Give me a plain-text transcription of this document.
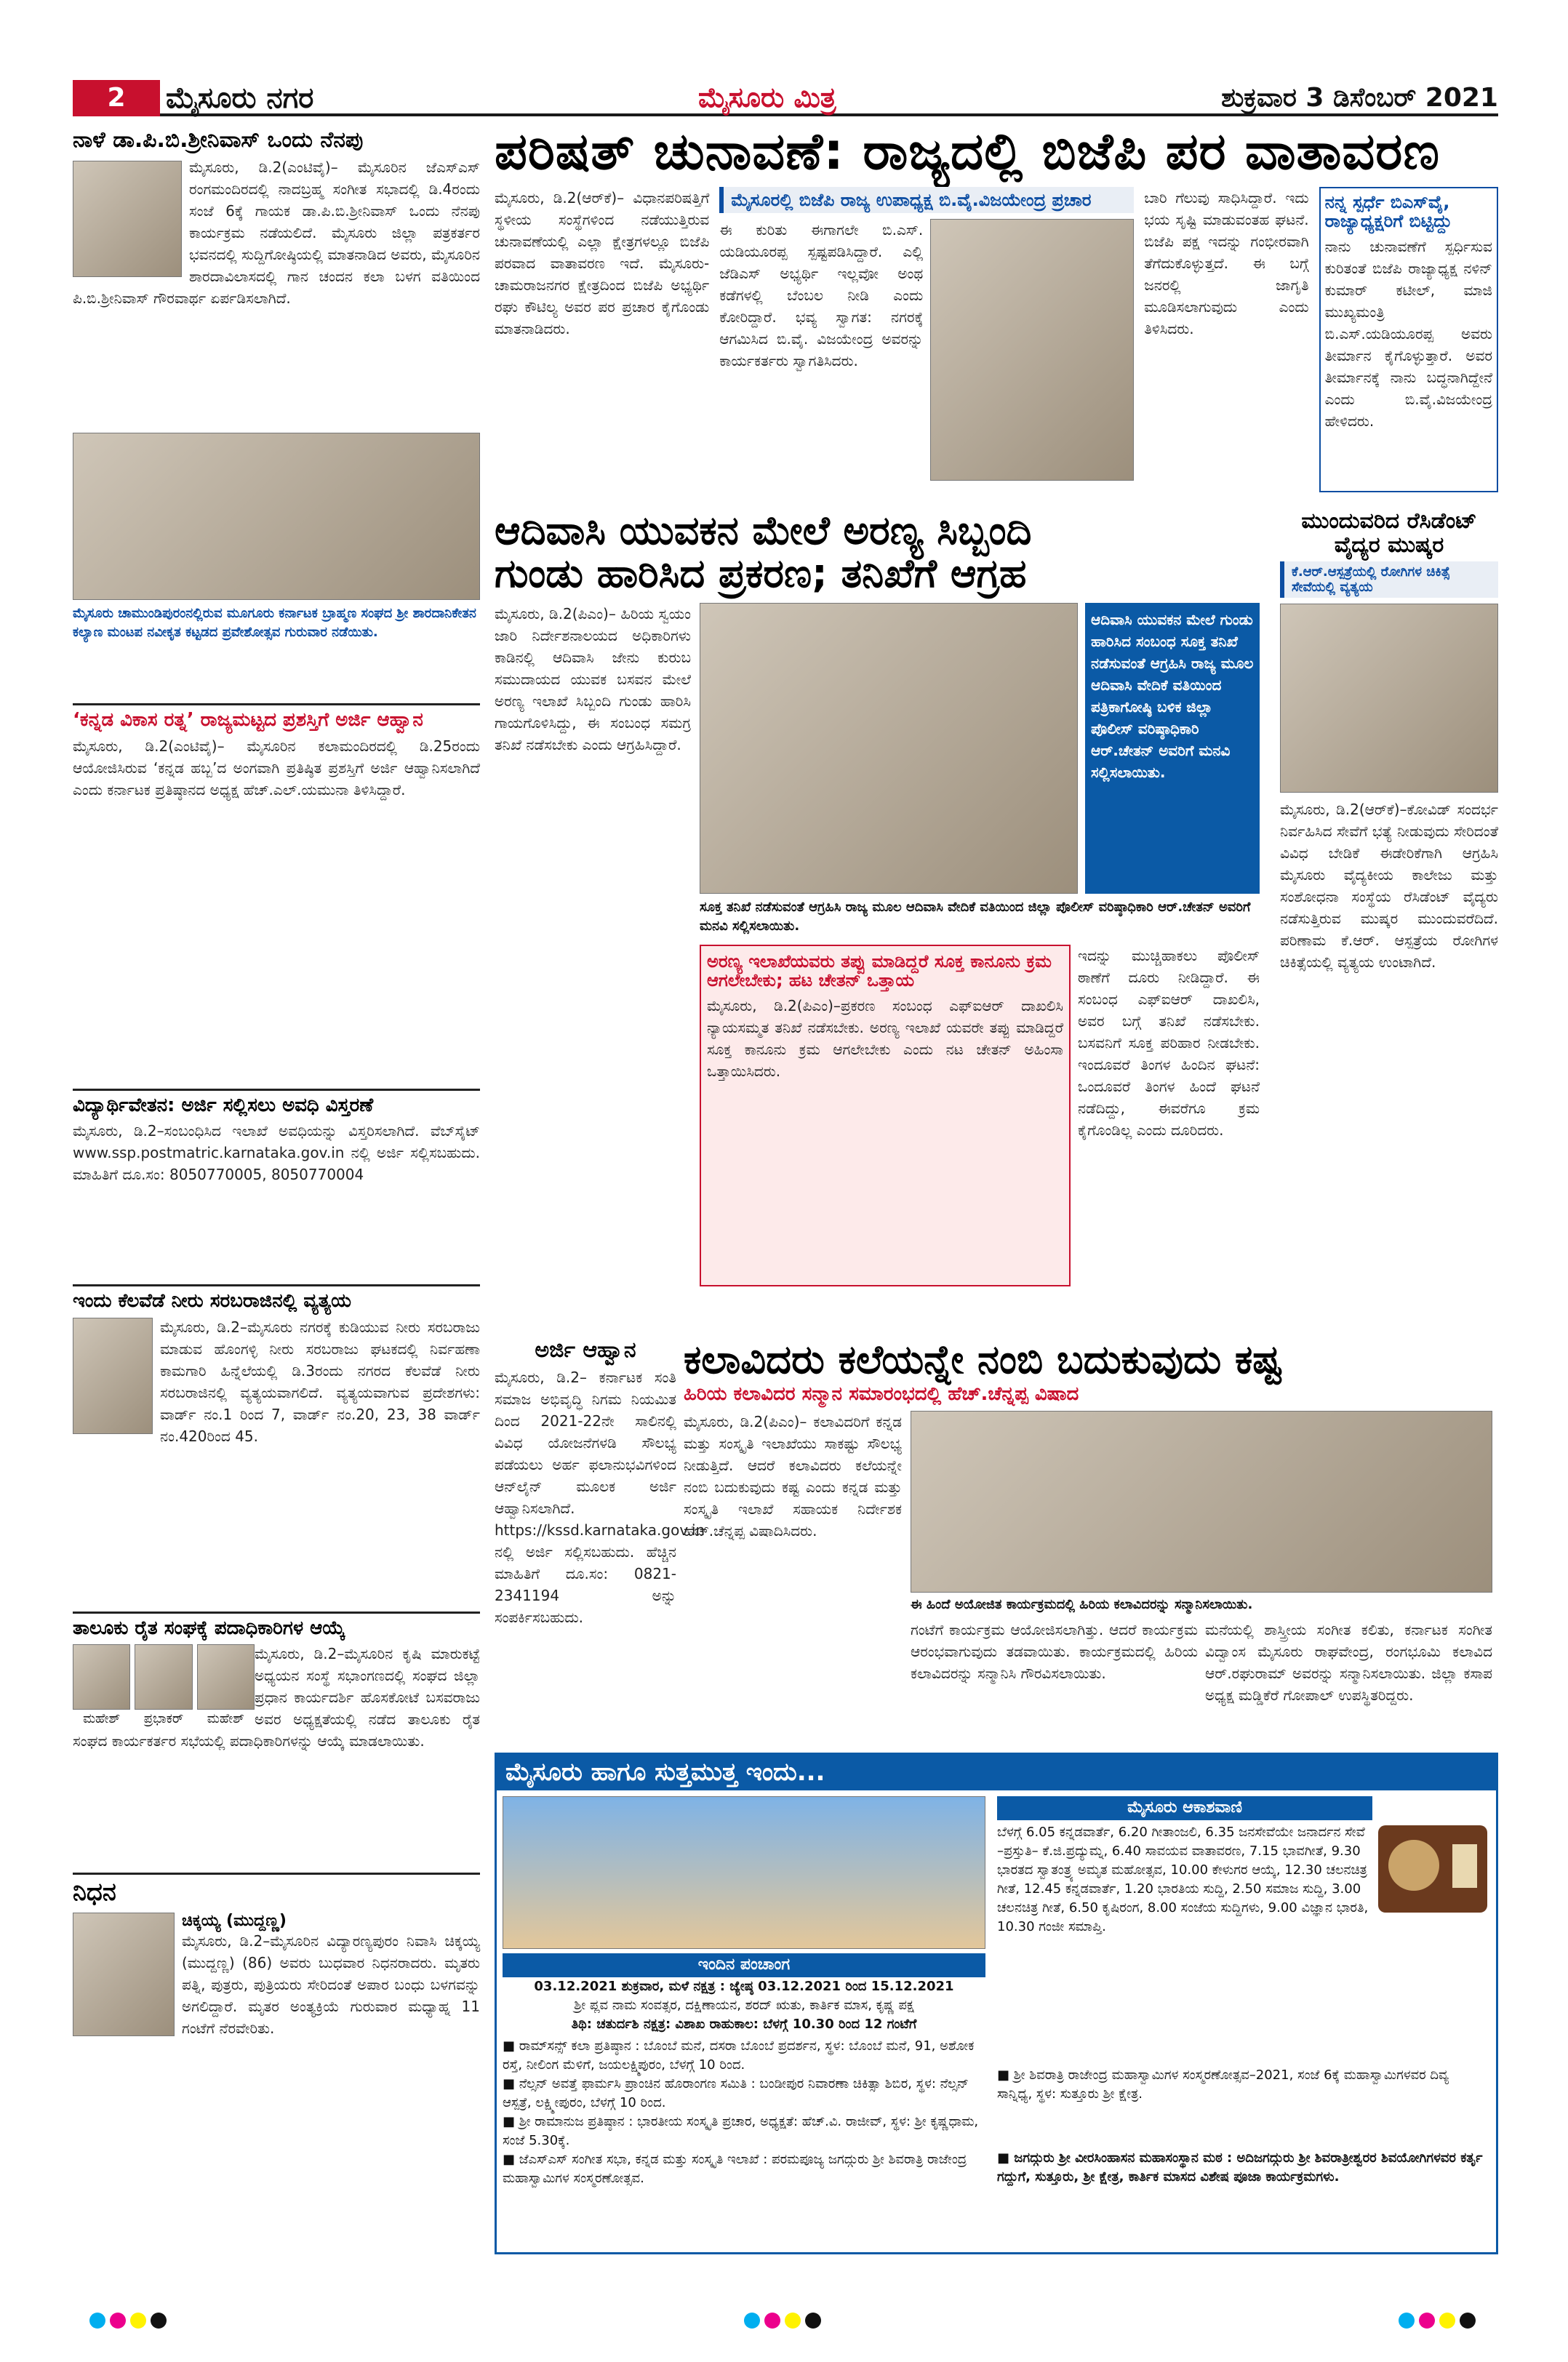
2	ಮೈಸೂರು ನಗರ	ಮೈಸೂರು ಮಿತ್ರ	ಶುಕ್ರವಾರ 3 ಡಿಸೆಂಬರ್ 2021
ನಾಳೆ ಡಾ.ಪಿ.ಬಿ.ಶ್ರೀನಿವಾಸ್ ಒಂದು ನೆನಪು
ಮೈಸೂರು, ಡಿ.2(ಎಂಟಿವೈ)– ಮೈಸೂರಿನ ಜೆಎಸ್‌ಎಸ್ ರಂಗಮಂದಿರದಲ್ಲಿ ನಾದಬ್ರಹ್ಮ ಸಂಗೀತ ಸಭಾದಲ್ಲಿ ಡಿ.4ರಂದು ಸಂಜೆ 6ಕ್ಕೆ ಗಾಯಕ ಡಾ.ಪಿ.ಬಿ.ಶ್ರೀನಿವಾಸ್ ಒಂದು ನೆನಪು ಕಾರ್ಯಕ್ರಮ ನಡೆಯಲಿದೆ. ಮೈಸೂರು ಜಿಲ್ಲಾ ಪತ್ರಕರ್ತರ ಭವನದಲ್ಲಿ ಸುದ್ದಿಗೋಷ್ಠಿಯಲ್ಲಿ ಮಾತನಾಡಿದ ಅವರು, ಮೈಸೂರಿನ ಶಾರದಾವಿಲಾಸದಲ್ಲಿ ಗಾನ ಚಂದನ ಕಲಾ ಬಳಗ ವತಿಯಿಂದ ಪಿ.ಬಿ.ಶ್ರೀನಿವಾಸ್ ಗೌರವಾರ್ಥ ಏರ್ಪಡಿಸಲಾಗಿದೆ.
ಮೈಸೂರು ಚಾಮುಂಡಿಪುರಂನಲ್ಲಿರುವ ಮೂಗೂರು ಕರ್ನಾಟಕ ಬ್ರಾಹ್ಮಣ ಸಂಘದ ಶ್ರೀ ಶಾರದಾನಿಕೇತನ ಕಲ್ಯಾಣ ಮಂಟಪ ನವೀಕೃತ ಕಟ್ಟಡದ ಪ್ರವೇಶೋತ್ಸವ ಗುರುವಾರ ನಡೆಯಿತು.
‘ಕನ್ನಡ ವಿಕಾಸ ರತ್ನ’ ರಾಜ್ಯಮಟ್ಟದ ಪ್ರಶಸ್ತಿಗೆ ಅರ್ಜಿ ಆಹ್ವಾನ
ಮೈಸೂರು, ಡಿ.2(ಎಂಟಿವೈ)– ಮೈಸೂರಿನ ಕಲಾಮಂದಿರದಲ್ಲಿ ಡಿ.25ರಂದು ಆಯೋಜಿಸಿರುವ ‘ಕನ್ನಡ ಹಬ್ಬ’ದ ಅಂಗವಾಗಿ ಪ್ರತಿಷ್ಠಿತ ಪ್ರಶಸ್ತಿಗೆ ಅರ್ಜಿ ಆಹ್ವಾನಿಸಲಾಗಿದೆ ಎಂದು ಕರ್ನಾಟಕ ಪ್ರತಿಷ್ಠಾನದ ಅಧ್ಯಕ್ಷ ಹೆಚ್.ಎಲ್.ಯಮುನಾ ತಿಳಿಸಿದ್ದಾರೆ.
ವಿದ್ಯಾರ್ಥಿವೇತನ: ಅರ್ಜಿ ಸಲ್ಲಿಸಲು ಅವಧಿ ವಿಸ್ತರಣೆ
ಮೈಸೂರು, ಡಿ.2–ಸಂಬಂಧಿಸಿದ ಇಲಾಖೆ ಅವಧಿಯನ್ನು ವಿಸ್ತರಿಸಲಾಗಿದೆ. ವೆಬ್‌ಸೈಟ್ www.ssp.postmatric.karnataka.gov.in ನಲ್ಲಿ ಅರ್ಜಿ ಸಲ್ಲಿಸಬಹುದು. ಮಾಹಿತಿಗೆ ದೂ.ಸಂ: 8050770005, 8050770004
ಇಂದು ಕೆಲವೆಡೆ ನೀರು ಸರಬರಾಜಿನಲ್ಲಿ ವ್ಯತ್ಯಯ
ಮೈಸೂರು, ಡಿ.2–ಮೈಸೂರು ನಗರಕ್ಕೆ ಕುಡಿಯುವ ನೀರು ಸರಬರಾಜು ಮಾಡುವ ಹೊಂಗಳ್ಳಿ ನೀರು ಸರಬರಾಜು ಘಟಕದಲ್ಲಿ ನಿರ್ವಹಣಾ ಕಾಮಗಾರಿ ಹಿನ್ನೆಲೆಯಲ್ಲಿ ಡಿ.3ರಂದು ನಗರದ ಕೆಲವೆಡೆ ನೀರು ಸರಬರಾಜಿನಲ್ಲಿ ವ್ಯತ್ಯಯವಾಗಲಿದೆ. ವ್ಯತ್ಯಯವಾಗುವ ಪ್ರದೇಶಗಳು: ವಾರ್ಡ್ ನಂ.1 ರಿಂದ 7, ವಾರ್ಡ್ ನಂ.20, 23, 38 ವಾರ್ಡ್ ನಂ.420ರಿಂದ 45.
ತಾಲೂಕು ರೈತ ಸಂಘಕ್ಕೆ ಪದಾಧಿಕಾರಿಗಳ ಆಯ್ಕೆ
ಮಹೇಶ್	ಪ್ರಭಾಕರ್	ಮಹೇಶ್
ಮೈಸೂರು, ಡಿ.2–ಮೈಸೂರಿನ ಕೃಷಿ ಮಾರುಕಟ್ಟೆ ಅಧ್ಯಯನ ಸಂಸ್ಥೆ ಸಭಾಂಗಣದಲ್ಲಿ ಸಂಘದ ಜಿಲ್ಲಾ ಪ್ರಧಾನ ಕಾರ್ಯದರ್ಶಿ ಹೊಸಕೋಟೆ ಬಸವರಾಜು ಅವರ ಅಧ್ಯಕ್ಷತೆಯಲ್ಲಿ ನಡೆದ ತಾಲೂಕು ರೈತ ಸಂಘದ ಕಾರ್ಯಕರ್ತರ ಸಭೆಯಲ್ಲಿ ಪದಾಧಿಕಾರಿಗಳನ್ನು ಆಯ್ಕೆ ಮಾಡಲಾಯಿತು.
ನಿಧನ
ಚಿಕ್ಕಯ್ಯ (ಮುದ್ದಣ್ಣ)
ಮೈಸೂರು, ಡಿ.2–ಮೈಸೂರಿನ ವಿದ್ಯಾರಣ್ಯಪುರಂ ನಿವಾಸಿ ಚಿಕ್ಕಯ್ಯ (ಮುದ್ದಣ್ಣ) (86) ಅವರು ಬುಧವಾರ ನಿಧನರಾದರು. ಮೃತರು ಪತ್ನಿ, ಪುತ್ರರು, ಪುತ್ರಿಯರು ಸೇರಿದಂತೆ ಅಪಾರ ಬಂಧು ಬಳಗವನ್ನು ಅಗಲಿದ್ದಾರೆ. ಮೃತರ ಅಂತ್ಯಕ್ರಿಯೆ ಗುರುವಾರ ಮಧ್ಯಾಹ್ನ 11 ಗಂಟೆಗೆ ನೆರವೇರಿತು.
ಪರಿಷತ್ ಚುನಾವಣೆ: ರಾಜ್ಯದಲ್ಲಿ ಬಿಜೆಪಿ ಪರ ವಾತಾವರಣ
ಮೈಸೂರು, ಡಿ.2(ಆರ್‌ಕೆ)– ವಿಧಾನಪರಿಷತ್ತಿಗೆ ಸ್ಥಳೀಯ ಸಂಸ್ಥೆಗಳಿಂದ ನಡೆಯುತ್ತಿರುವ ಚುನಾವಣೆಯಲ್ಲಿ ಎಲ್ಲಾ ಕ್ಷೇತ್ರಗಳಲ್ಲೂ ಬಿಜೆಪಿ ಪರವಾದ ವಾತಾವರಣ ಇದೆ. ಮೈಸೂರು-ಚಾಮರಾಜನಗರ ಕ್ಷೇತ್ರದಿಂದ ಬಿಜೆಪಿ ಅಭ್ಯರ್ಥಿ ರಘು ಕೌಟಿಲ್ಯ ಅವರ ಪರ ಪ್ರಚಾರ ಕೈಗೊಂಡು ಮಾತನಾಡಿದರು.
ಮೈಸೂರಲ್ಲಿ ಬಿಜೆಪಿ ರಾಜ್ಯ ಉಪಾಧ್ಯಕ್ಷ ಬಿ.ವೈ.ವಿಜಯೇಂದ್ರ ಪ್ರಚಾರ
ಈ ಕುರಿತು ಈಗಾಗಲೇ ಬಿ.ಎಸ್. ಯಡಿಯೂರಪ್ಪ ಸ್ಪಷ್ಟಪಡಿಸಿದ್ದಾರೆ. ಎಲ್ಲಿ ಜೆಡಿಎಸ್ ಅಭ್ಯರ್ಥಿ ಇಲ್ಲವೋ ಅಂಥ ಕಡೆಗಳಲ್ಲಿ ಬೆಂಬಲ ನೀಡಿ ಎಂದು ಕೋರಿದ್ದಾರೆ. ಭವ್ಯ ಸ್ವಾಗತ: ನಗರಕ್ಕೆ ಆಗಮಿಸಿದ ಬಿ.ವೈ. ವಿಜಯೇಂದ್ರ ಅವರನ್ನು ಕಾರ್ಯಕರ್ತರು ಸ್ವಾಗತಿಸಿದರು.
ಬಾರಿ ಗೆಲುವು ಸಾಧಿಸಿದ್ದಾರೆ. ಇದು ಭಯ ಸೃಷ್ಟಿ ಮಾಡುವಂತಹ ಘಟನೆ. ಬಿಜೆಪಿ ಪಕ್ಷ ಇದನ್ನು ಗಂಭೀರವಾಗಿ ತೆಗೆದುಕೊಳ್ಳುತ್ತದೆ. ಈ ಬಗ್ಗೆ ಜನರಲ್ಲಿ ಜಾಗೃತಿ ಮೂಡಿಸಲಾಗುವುದು ಎಂದು ತಿಳಿಸಿದರು.
ನನ್ನ ಸ್ಪರ್ಧೆ ಬಿಎಸ್‌ವೈ, ರಾಜ್ಯಾಧ್ಯಕ್ಷರಿಗೆ ಬಿಟ್ಟಿದ್ದು
ನಾನು ಚುನಾವಣೆಗೆ ಸ್ಪರ್ಧಿಸುವ ಕುರಿತಂತೆ ಬಿಜೆಪಿ ರಾಜ್ಯಾಧ್ಯಕ್ಷ ನಳಿನ್ ಕುಮಾರ್ ಕಟೀಲ್, ಮಾಜಿ ಮುಖ್ಯಮಂತ್ರಿ ಬಿ.ಎಸ್.ಯಡಿಯೂರಪ್ಪ ಅವರು ತೀರ್ಮಾನ ಕೈಗೊಳ್ಳುತ್ತಾರೆ. ಅವರ ತೀರ್ಮಾನಕ್ಕೆ ನಾನು ಬದ್ಧನಾಗಿದ್ದೇನೆ ಎಂದು ಬಿ.ವೈ.ವಿಜಯೇಂದ್ರ ಹೇಳಿದರು.
ಆದಿವಾಸಿ ಯುವಕನ ಮೇಲೆ ಅರಣ್ಯ ಸಿಬ್ಬಂದಿ
ಗುಂಡು ಹಾರಿಸಿದ ಪ್ರಕರಣ; ತನಿಖೆಗೆ ಆಗ್ರಹ
ಮೈಸೂರು, ಡಿ.2(ಪಿಎಂ)– ಹಿರಿಯ ಸ್ವಯಂ ಜಾರಿ ನಿರ್ದೇಶನಾಲಯದ ಅಧಿಕಾರಿಗಳು ಕಾಡಿನಲ್ಲಿ ಆದಿವಾಸಿ ಜೇನು ಕುರುಬ ಸಮುದಾಯದ ಯುವಕ ಬಸವನ ಮೇಲೆ ಅರಣ್ಯ ಇಲಾಖೆ ಸಿಬ್ಬಂದಿ ಗುಂಡು ಹಾರಿಸಿ ಗಾಯಗೊಳಿಸಿದ್ದು, ಈ ಸಂಬಂಧ ಸಮಗ್ರ ತನಿಖೆ ನಡೆಸಬೇಕು ಎಂದು ಆಗ್ರಹಿಸಿದ್ದಾರೆ.
ಆದಿವಾಸಿ ಯುವಕನ ಮೇಲೆ ಗುಂಡು ಹಾರಿಸಿದ ಸಂಬಂಧ ಸೂಕ್ತ ತನಿಖೆ ನಡೆಸುವಂತೆ ಆಗ್ರಹಿಸಿ ರಾಜ್ಯ ಮೂಲ ಆದಿವಾಸಿ ವೇದಿಕೆ ವತಿಯಿಂದ ಪತ್ರಿಕಾಗೋಷ್ಠಿ ಬಳಿಕ ಜಿಲ್ಲಾ ಪೊಲೀಸ್ ವರಿಷ್ಠಾಧಿಕಾರಿ ಆರ್.ಚೇತನ್ ಅವರಿಗೆ ಮನವಿ ಸಲ್ಲಿಸಲಾಯಿತು.
ಸೂಕ್ತ ತನಿಖೆ ನಡೆಸುವಂತೆ ಆಗ್ರಹಿಸಿ ರಾಜ್ಯ ಮೂಲ ಆದಿವಾಸಿ ವೇದಿಕೆ ವತಿಯಿಂದ ಜಿಲ್ಲಾ ಪೊಲೀಸ್ ವರಿಷ್ಠಾಧಿಕಾರಿ ಆರ್.ಚೇತನ್ ಅವರಿಗೆ ಮನವಿ ಸಲ್ಲಿಸಲಾಯಿತು.
ಅರಣ್ಯ ಇಲಾಖೆಯವರು ತಪ್ಪು ಮಾಡಿದ್ದರೆ ಸೂಕ್ತ ಕಾನೂನು ಕ್ರಮ ಆಗಲೇಬೇಕು; ಹಟ ಚೇತನ್ ಒತ್ತಾಯ
ಮೈಸೂರು, ಡಿ.2(ಪಿಎಂ)–ಪ್ರಕರಣ ಸಂಬಂಧ ಎಫ್‌ಐಆರ್ ದಾಖಲಿಸಿ ನ್ಯಾಯಸಮ್ಮತ ತನಿಖೆ ನಡೆಸಬೇಕು. ಅರಣ್ಯ ಇಲಾಖೆ ಯವರೇ ತಪ್ಪು ಮಾಡಿದ್ದರೆ ಸೂಕ್ತ ಕಾನೂನು ಕ್ರಮ ಆಗಲೇಬೇಕು ಎಂದು ನಟ ಚೇತನ್ ಅಹಿಂಸಾ ಒತ್ತಾಯಿಸಿದರು.
ಇದನ್ನು ಮುಚ್ಚಿಹಾಕಲು ಪೊಲೀಸ್ ಠಾಣೆಗೆ ದೂರು ನೀಡಿದ್ದಾರೆ. ಈ ಸಂಬಂಧ ಎಫ್‌ಐಆರ್ ದಾಖಲಿಸಿ, ಅವರ ಬಗ್ಗೆ ತನಿಖೆ ನಡೆಸಬೇಕು. ಬಸವನಿಗೆ ಸೂಕ್ತ ಪರಿಹಾರ ನೀಡಬೇಕು. ಇಂದೂವರೆ ತಿಂಗಳ ಹಿಂದಿನ ಘಟನೆ: ಒಂದೂವರೆ ತಿಂಗಳ ಹಿಂದೆ ಘಟನೆ ನಡೆದಿದ್ದು, ಈವರೆಗೂ ಕ್ರಮ ಕೈಗೊಂಡಿಲ್ಲ ಎಂದು ದೂರಿದರು.
ಮುಂದುವರಿದ ರೆಸಿಡೆಂಟ್ ವೈದ್ಯರ ಮುಷ್ಕರ
ಕೆ.ಆರ್.ಆಸ್ಪತ್ರೆಯಲ್ಲಿ ರೋಗಿಗಳ ಚಿಕಿತ್ಸೆ ಸೇವೆಯಲ್ಲಿ ವ್ಯತ್ಯಯ
ಮೈಸೂರು, ಡಿ.2(ಆರ್‌ಕೆ)–ಕೋವಿಡ್ ಸಂದರ್ಭ ನಿರ್ವಹಿಸಿದ ಸೇವೆಗೆ ಭತ್ಯೆ ನೀಡುವುದು ಸೇರಿದಂತೆ ವಿವಿಧ ಬೇಡಿಕೆ ಈಡೇರಿಕೆಗಾಗಿ ಆಗ್ರಹಿಸಿ ಮೈಸೂರು ವೈದ್ಯಕೀಯ ಕಾಲೇಜು ಮತ್ತು ಸಂಶೋಧನಾ ಸಂಸ್ಥೆಯ ರೆಸಿಡೆಂಟ್ ವೈದ್ಯರು ನಡೆಸುತ್ತಿರುವ ಮುಷ್ಕರ ಮುಂದುವರೆದಿದೆ. ಪರಿಣಾಮ ಕೆ.ಆರ್. ಆಸ್ಪತ್ರೆಯ ರೋಗಿಗಳ ಚಿಕಿತ್ಸೆಯಲ್ಲಿ ವ್ಯತ್ಯಯ ಉಂಟಾಗಿದೆ.
ಅರ್ಜಿ ಆಹ್ವಾನ
ಮೈಸೂರು, ಡಿ.2– ಕರ್ನಾಟಕ ಸಂತಿ ಸಮಾಜ ಅಭಿವೃದ್ಧಿ ನಿಗಮ ನಿಯಮಿತ ದಿಂದ 2021-22ನೇ ಸಾಲಿನಲ್ಲಿ ವಿವಿಧ ಯೋಜನೆಗಳಡಿ ಸೌಲಭ್ಯ ಪಡೆಯಲು ಅರ್ಹ ಫಲಾನುಭವಿಗಳಿಂದ ಆನ್‌ಲೈನ್ ಮೂಲಕ ಅರ್ಜಿ ಆಹ್ವಾನಿಸಲಾಗಿದೆ. https://kssd.karnataka.gov.in ನಲ್ಲಿ ಅರ್ಜಿ ಸಲ್ಲಿಸಬಹುದು. ಹೆಚ್ಚಿನ ಮಾಹಿತಿಗೆ ದೂ.ಸಂ: 0821-2341194 ಅನ್ನು ಸಂಪರ್ಕಿಸಬಹುದು.
ಕಲಾವಿದರು ಕಲೆಯನ್ನೇ ನಂಬಿ ಬದುಕುವುದು ಕಷ್ಟ
ಹಿರಿಯ ಕಲಾವಿದರ ಸನ್ಮಾನ ಸಮಾರಂಭದಲ್ಲಿ ಹೆಚ್.ಚೆನ್ನಪ್ಪ ವಿಷಾದ
ಮೈಸೂರು, ಡಿ.2(ಪಿಎಂ)– ಕಲಾವಿದರಿಗೆ ಕನ್ನಡ ಮತ್ತು ಸಂಸ್ಕೃತಿ ಇಲಾಖೆಯು ಸಾಕಷ್ಟು ಸೌಲಭ್ಯ ನೀಡುತ್ತಿದೆ. ಆದರೆ ಕಲಾವಿದರು ಕಲೆಯನ್ನೇ ನಂಬಿ ಬದುಕುವುದು ಕಷ್ಟ ಎಂದು ಕನ್ನಡ ಮತ್ತು ಸಂಸ್ಕೃತಿ ಇಲಾಖೆ ಸಹಾಯಕ ನಿರ್ದೇಶಕ ಹೆಚ್.ಚೆನ್ನಪ್ಪ ವಿಷಾದಿಸಿದರು.
ಈ ಹಿಂದೆ ಅಯೋಜಿತ ಕಾರ್ಯಕ್ರಮದಲ್ಲಿ ಹಿರಿಯ ಕಲಾವಿದರನ್ನು ಸನ್ಮಾನಿಸಲಾಯಿತು.
ಗಂಟೆಗೆ ಕಾರ್ಯಕ್ರಮ ಆಯೋಜಿಸಲಾಗಿತ್ತು. ಆದರೆ ಕಾರ್ಯಕ್ರಮ ಆರಂಭವಾಗುವುದು ತಡವಾಯಿತು. ಕಾರ್ಯಕ್ರಮದಲ್ಲಿ ಹಿರಿಯ ಕಲಾವಿದರನ್ನು ಸನ್ಮಾನಿಸಿ ಗೌರವಿಸಲಾಯಿತು.
ಮನೆಯಲ್ಲಿ ಶಾಸ್ತ್ರೀಯ ಸಂಗೀತ ಕಲಿತು, ಕರ್ನಾಟಕ ಸಂಗೀತ ವಿದ್ವಾಂಸ ಮೈಸೂರು ರಾಘವೇಂದ್ರ, ರಂಗಭೂಮಿ ಕಲಾವಿದ ಆರ್.ರಘುರಾಮ್ ಅವರನ್ನು ಸನ್ಮಾನಿಸಲಾಯಿತು. ಜಿಲ್ಲಾ ಕಸಾಪ ಅಧ್ಯಕ್ಷ ಮಡ್ಡಿಕೆರೆ ಗೋಪಾಲ್ ಉಪಸ್ಥಿತರಿದ್ದರು.
ಮೈಸೂರು ಹಾಗೂ ಸುತ್ತಮುತ್ತ ಇಂದು...
ಇಂದಿನ ಪಂಚಾಂಗ
03.12.2021 ಶುಕ್ರವಾರ, ಮಳೆ ನಕ್ಷತ್ರ : ಜ್ಯೇಷ್ಠ 03.12.2021 ರಿಂದ 15.12.2021
ಶ್ರೀ ಪ್ಲವ ನಾಮ ಸಂವತ್ಸರ, ದಕ್ಷಿಣಾಯನ, ಶರದ್ ಋತು, ಕಾರ್ತಿಕ ಮಾಸ, ಕೃಷ್ಣ ಪಕ್ಷ
ತಿಥಿ: ಚತುರ್ದಶಿ ನಕ್ಷತ್ರ: ವಿಶಾಖ ರಾಹುಕಾಲ: ಬೆಳಗ್ಗೆ 10.30 ರಿಂದ 12 ಗಂಟೆಗೆ
■ ರಾಮ್‌ಸನ್ಸ್ ಕಲಾ ಪ್ರತಿಷ್ಠಾನ : ಬೊಂಬೆ ಮನೆ, ದಸರಾ ಬೊಂಬೆ ಪ್ರದರ್ಶನ, ಸ್ಥಳ: ಬೊಂಬೆ ಮನೆ, 91, ಅಶೋಕ ರಸ್ತೆ, ನೀಲಿಂಗ ಮೆಳಿಗೆ, ಜಯಲಕ್ಷ್ಮಿಪುರಂ, ಬೆಳಗ್ಗೆ 10 ರಿಂದ.
■ ನೆಲ್ಸನ್ ಅವತ್ತೆ ಫಾರ್ಮಸಿ ಪ್ರಾಂಚಿನ ಹೊರಾಂಗಣ ಸಮಿತಿ : ಬಂಡೀಪುರ ನಿವಾರಣಾ ಚಿಕಿತ್ಸಾ ಶಿಬಿರ, ಸ್ಥಳ: ನೆಲ್ಸನ್ ಆಸ್ಪತ್ರೆ, ಲಕ್ಷ್ಮೀಪುರಂ, ಬೆಳಗ್ಗೆ 10 ರಿಂದ.
■ ಶ್ರೀ ರಾಮಾನುಜ ಪ್ರತಿಷ್ಠಾನ : ಭಾರತೀಯ ಸಂಸ್ಕೃತಿ ಪ್ರಚಾರ, ಅಧ್ಯಕ್ಷತೆ: ಹೆಚ್.ವಿ. ರಾಜೀವ್, ಸ್ಥಳ: ಶ್ರೀ ಕೃಷ್ಣಧಾಮ, ಸಂಜೆ 5.30ಕ್ಕೆ.
■ ಜೆಎಸ್‌ಎಸ್ ಸಂಗೀತ ಸಭಾ, ಕನ್ನಡ ಮತ್ತು ಸಂಸ್ಕೃತಿ ಇಲಾಖೆ : ಪರಮಪೂಜ್ಯ ಜಗದ್ಗುರು ಶ್ರೀ ಶಿವರಾತ್ರಿ ರಾಜೇಂದ್ರ ಮಹಾಸ್ವಾಮಿಗಳ ಸಂಸ್ಮರಣೋತ್ಸವ.
ಮೈಸೂರು ಆಕಾಶವಾಣಿ
ಬೆಳಗ್ಗೆ 6.05 ಕನ್ನಡವಾರ್ತೆ, 6.20 ಗೀತಾಂಜಲಿ, 6.35 ಜನಸೇವೆಯೇ ಜನಾರ್ದನ ಸೇವೆ –ಪ್ರಸ್ತುತಿ– ಕೆ.ಜಿ.ಪ್ರದ್ಯುಮ್ನ, 6.40 ಸಾವಯವ ವಾತಾವರಣ, 7.15 ಭಾವಗೀತೆ, 9.30 ಭಾರತದ ಸ್ವಾತಂತ್ರ್ಯ ಅಮೃತ ಮಹೋತ್ಸವ, 10.00 ಕೇಳುಗರ ಆಯ್ಕೆ, 12.30 ಚಲನಚಿತ್ರ ಗೀತೆ, 12.45 ಕನ್ನಡವಾರ್ತೆ, 1.20 ಭಾರತಿಯ ಸುದ್ದಿ, 2.50 ಸಮಾಜ ಸುದ್ದಿ, 3.00 ಚಲನಚಿತ್ರ ಗೀತೆ, 6.50 ಕೃಷಿರಂಗ, 8.00 ಸಂಜೆಯ ಸುದ್ದಿಗಳು, 9.00 ವಿಜ್ಞಾನ ಭಾರತಿ, 10.30 ಗಂಜೀ ಸಮಾಪ್ತಿ.
■ ಶ್ರೀ ಶಿವರಾತ್ರಿ ರಾಜೇಂದ್ರ ಮಹಾಸ್ವಾಮಿಗಳ ಸಂಸ್ಮರಣೋತ್ಸವ–2021, ಸಂಜೆ 6ಕ್ಕೆ ಮಹಾಸ್ವಾಮಿಗಳವರ ದಿವ್ಯ ಸಾನ್ನಿಧ್ಯ, ಸ್ಥಳ: ಸುತ್ತೂರು ಶ್ರೀ ಕ್ಷೇತ್ರ.
■ ಜಗದ್ಗುರು ಶ್ರೀ ವೀರಸಿಂಹಾಸನ ಮಹಾಸಂಸ್ಥಾನ ಮಠ : ಅದಿಜಗದ್ಗುರು ಶ್ರೀ ಶಿವರಾತ್ರೀಶ್ವರರ ಶಿವಯೋಗಿಗಳವರ ಕರ್ತೃ ಗದ್ದುಗೆ, ಸುತ್ತೂರು, ಶ್ರೀ ಕ್ಷೇತ್ರ, ಕಾರ್ತಿಕ ಮಾಸದ ವಿಶೇಷ ಪೂಜಾ ಕಾರ್ಯಕ್ರಮಗಳು.
